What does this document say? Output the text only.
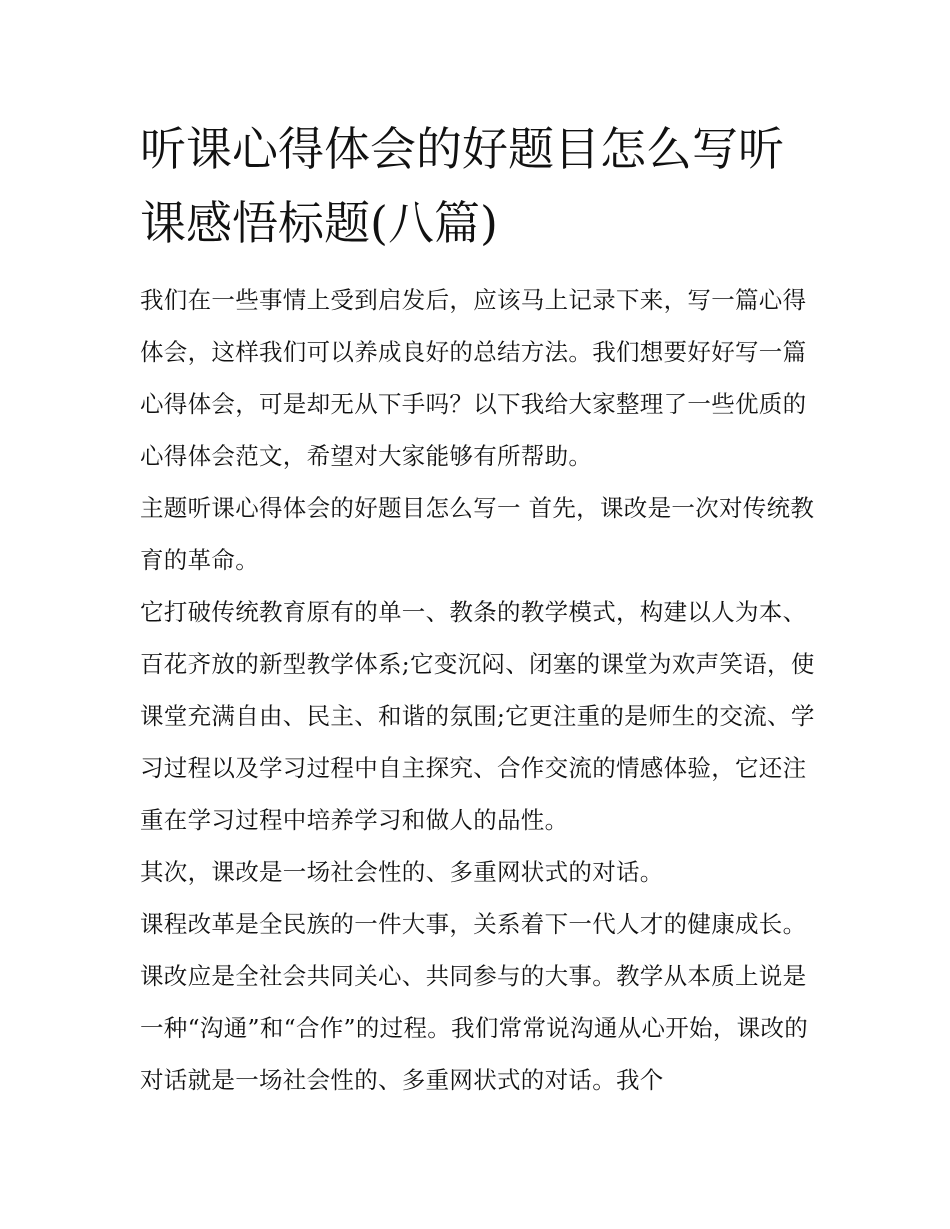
听课心得体会的好题目怎么写听课感悟标题(八篇)

我们在一些事情上受到启发后，应该马上记录下来，写一篇心得体会，这样我们可以养成良好的总结方法。我们想要好好写一篇心得体会，可是却无从下手吗？以下我给大家整理了一些优质的心得体会范文，希望对大家能够有所帮助。

主题听课心得体会的好题目怎么写一 首先，课改是一次对传统教育的革命。

它打破传统教育原有的单一、教条的教学模式，构建以人为本、百花齐放的新型教学体系;它变沉闷、闭塞的课堂为欢声笑语，使课堂充满自由、民主、和谐的氛围;它更注重的是师生的交流、学习过程以及学习过程中自主探究、合作交流的情感体验，它还注重在学习过程中培养学习和做人的品性。

其次，课改是一场社会性的、多重网状式的对话。

课程改革是全民族的一件大事，关系着下一代人才的健康成长。课改应是全社会共同关心、共同参与的大事。教学从本质上说是一种“沟通”和“合作”的过程。我们常常说沟通从心开始，课改的对话就是一场社会性的、多重网状式的对话。我个
